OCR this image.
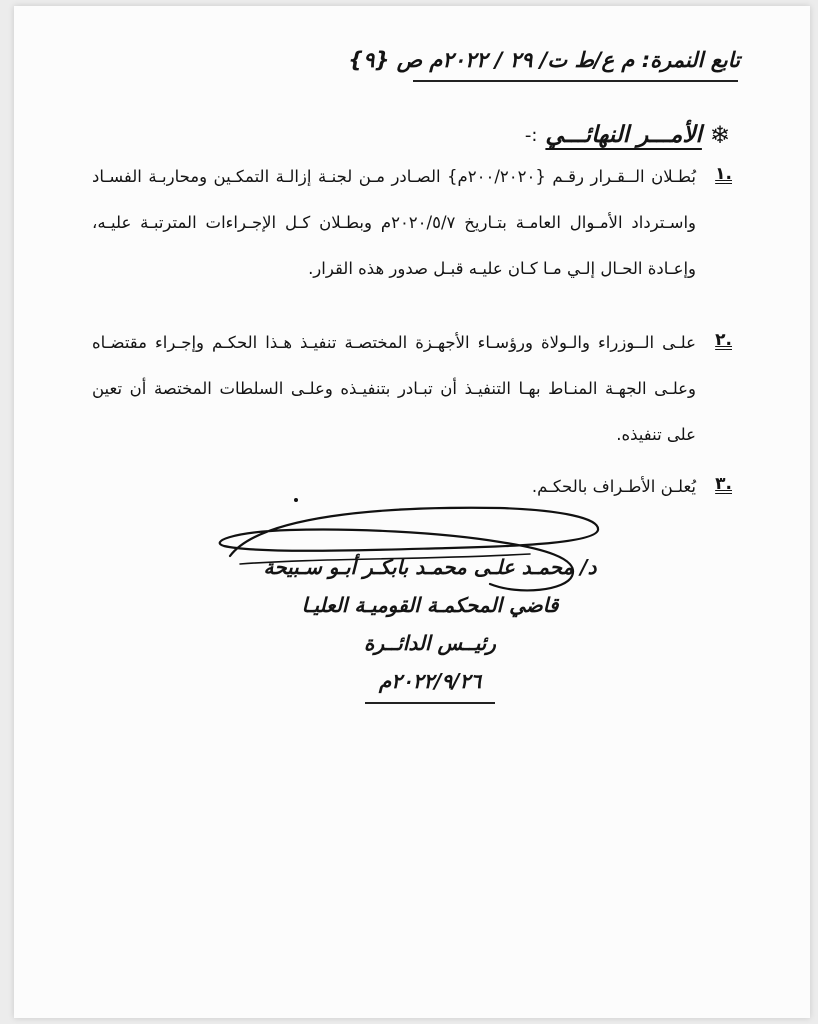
تابع النمرة: م ع/ط ت/ ٢٩ / ٢٠٢٢م ص {٩}
❄
الأمـــر النهائـــي
:-
.١
بُطـلان الــقـرار رقـم {٢٠٠/٢٠٢٠م} الصـادر مـن لجنـة إزالـة التمكـين ومحاربـة الفسـاد واسـترداد الأمـوال العامـة بتـاريخ ٢٠٢٠/٥/٧م وبطـلان كـل الإجـراءات المترتبـة عليـه، وإعـادة الحـال إلـي مـا كـان عليـه قبـل صدور هذه القرار.
.٢
علـى الــوزراء والـولاة ورؤسـاء الأجهـزة المختصـة تنفيـذ هـذا الحكـم وإجـراء مقتضـاه وعلـى الجهـة المنـاط بهـا التنفيـذ أن تبـادر بتنفيـذه وعلـى السلطات المختصة أن تعين على تنفيذه.
.٣
يُعلـن الأطـراف بالحكـم.
د/ محمـد علـى محمـد بابكـر أبـو سـبيحة
قاضي المحكمـة القوميـة العليـا
رئيــس الدائــرة
٢٠٢٢/٩/٢٦م
